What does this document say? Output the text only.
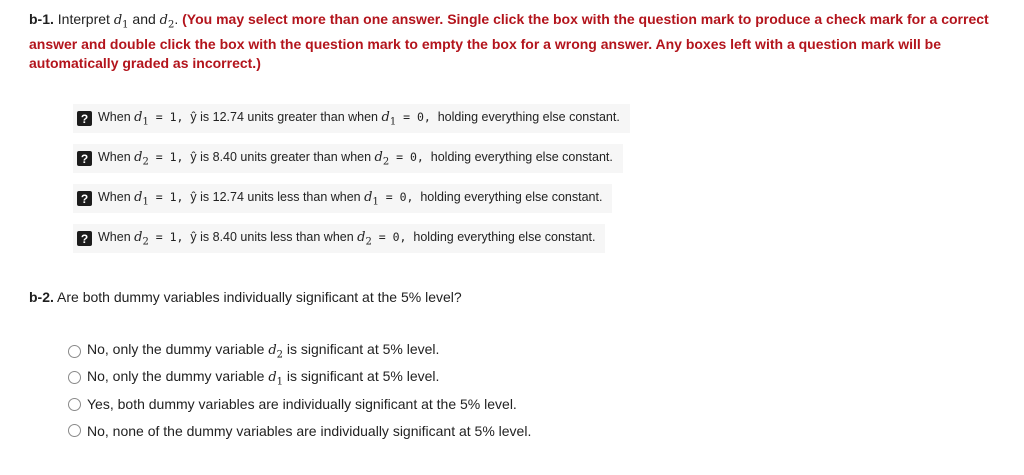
b-1. Interpret $d_1$ and $d_2$. (You may select more than one answer. Single click the box with the question mark to produce a check mark for a correct answer and double click the box with the question mark to empty the box for a wrong answer. Any boxes left with a question mark will be automatically graded as incorrect.)
? When $d_1 = 1$, ŷ is 12.74 units greater than when $d_1 = 0$, holding everything else constant.
? When $d_2 = 1$, ŷ is 8.40 units greater than when $d_2 = 0$, holding everything else constant.
? When $d_1 = 1$, ŷ is 12.74 units less than when $d_1 = 0$, holding everything else constant.
? When $d_2 = 1$, ŷ is 8.40 units less than when $d_2 = 0$, holding everything else constant.
b-2. Are both dummy variables individually significant at the 5% level?
No, only the dummy variable $d_2$ is significant at 5% level.
No, only the dummy variable $d_1$ is significant at 5% level.
Yes, both dummy variables are individually significant at the 5% level.
No, none of the dummy variables are individually significant at 5% level.
